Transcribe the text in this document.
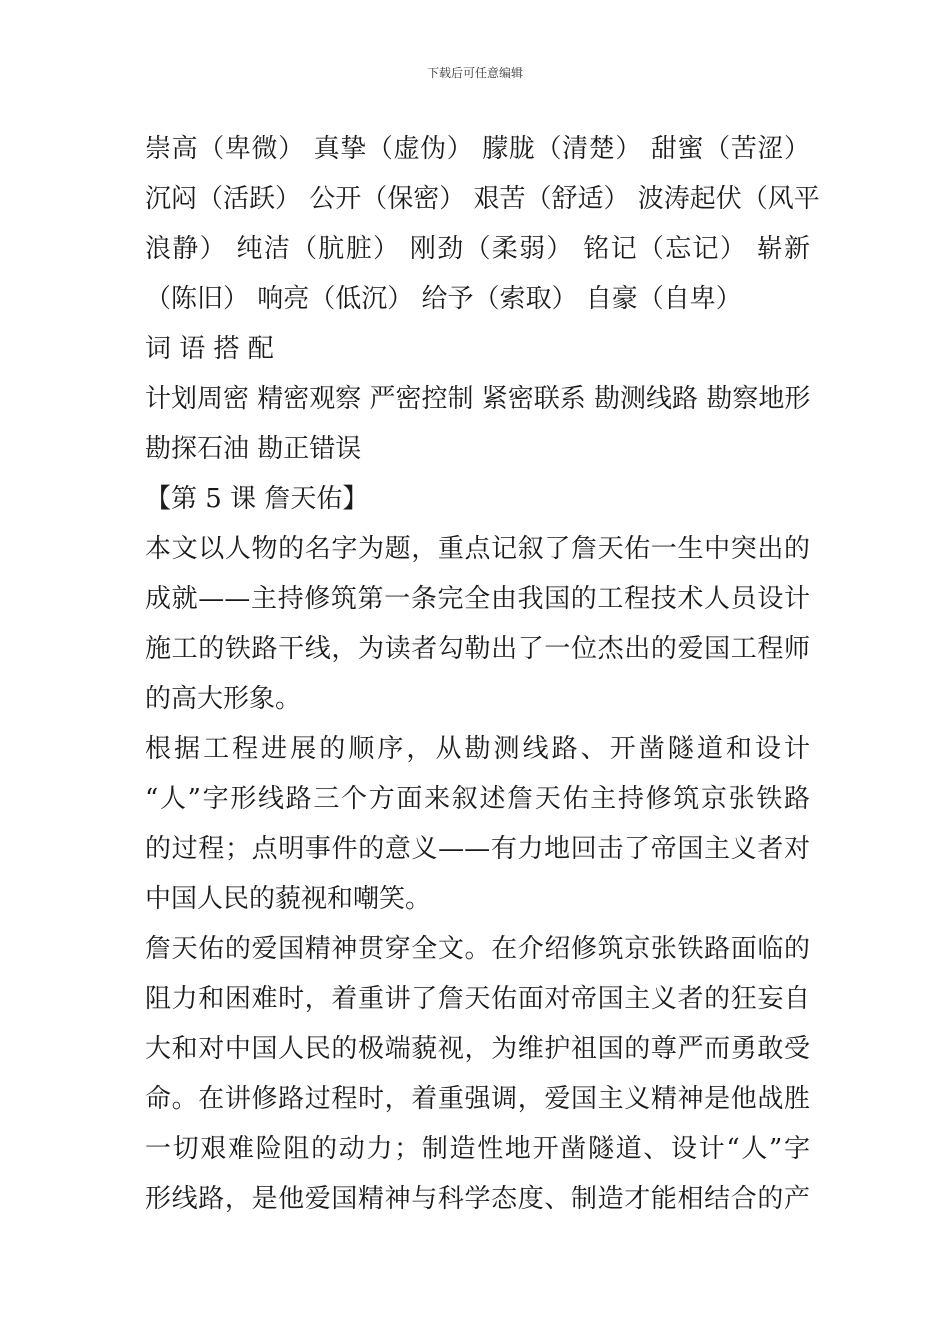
下载后可任意编辑
崇高（卑微） 真挚（虚伪） 朦胧（清楚） 甜蜜（苦涩）
沉闷（活跃） 公开（保密） 艰苦（舒适） 波涛起伏（风平
浪静） 纯洁（肮脏） 刚劲（柔弱） 铭记（忘记） 崭新
（陈旧） 响亮（低沉） 给予（索取） 自豪（自卑）
词 语 搭 配
计划周密 精密观察 严密控制 紧密联系 勘测线路 勘察地形
勘探石油 勘正错误
【第 5 课 詹天佑】
本文以人物的名字为题，重点记叙了詹天佑一生中突出的
成就——主持修筑第一条完全由我国的工程技术人员设计
施工的铁路干线，为读者勾勒出了一位杰出的爱国工程师
的高大形象。
根据工程进展的顺序，从勘测线路、开凿隧道和设计
“人”字形线路三个方面来叙述詹天佑主持修筑京张铁路
的过程；点明事件的意义——有力地回击了帝国主义者对
中国人民的藐视和嘲笑。
詹天佑的爱国精神贯穿全文。在介绍修筑京张铁路面临的
阻力和困难时，着重讲了詹天佑面对帝国主义者的狂妄自
大和对中国人民的极端藐视，为维护祖国的尊严而勇敢受
命。在讲修路过程时，着重强调，爱国主义精神是他战胜
一切艰难险阻的动力；制造性地开凿隧道、设计“人”字
形线路，是他爱国精神与科学态度、制造才能相结合的产
